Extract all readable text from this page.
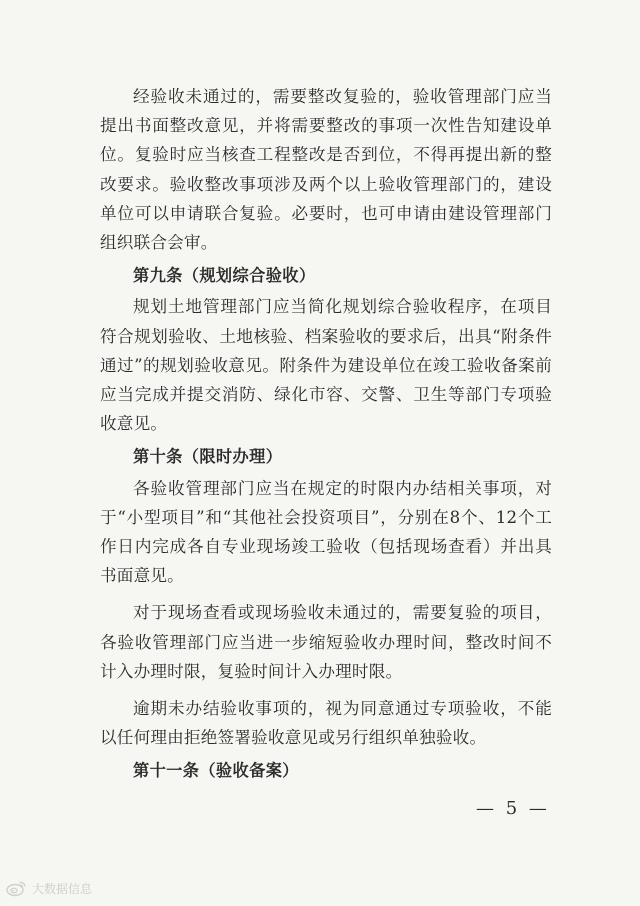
经验收未通过的，需要整改复验的，验收管理部门应当提出书面整改意见，并将需要整改的事项一次性告知建设单位。复验时应当核查工程整改是否到位，不得再提出新的整改要求。验收整改事项涉及两个以上验收管理部门的，建设单位可以申请联合复验。必要时，也可申请由建设管理部门组织联合会审。

第九条（规划综合验收）

规划土地管理部门应当简化规划综合验收程序，在项目符合规划验收、土地核验、档案验收的要求后，出具“附条件通过”的规划验收意见。附条件为建设单位在竣工验收备案前应当完成并提交消防、绿化市容、交警、卫生等部门专项验收意见。

第十条（限时办理）

各验收管理部门应当在规定的时限内办结相关事项，对于“小型项目”和“其他社会投资项目”，分别在8个、12个工作日内完成各自专业现场竣工验收（包括现场查看）并出具书面意见。

对于现场查看或现场验收未通过的，需要复验的项目，各验收管理部门应当进一步缩短验收办理时间，整改时间不计入办理时限，复验时间计入办理时限。

逾期未办结验收事项的，视为同意通过专项验收，不能以任何理由拒绝签署验收意见或另行组织单独验收。

第十一条（验收备案）

— 5 —
大数据信息
